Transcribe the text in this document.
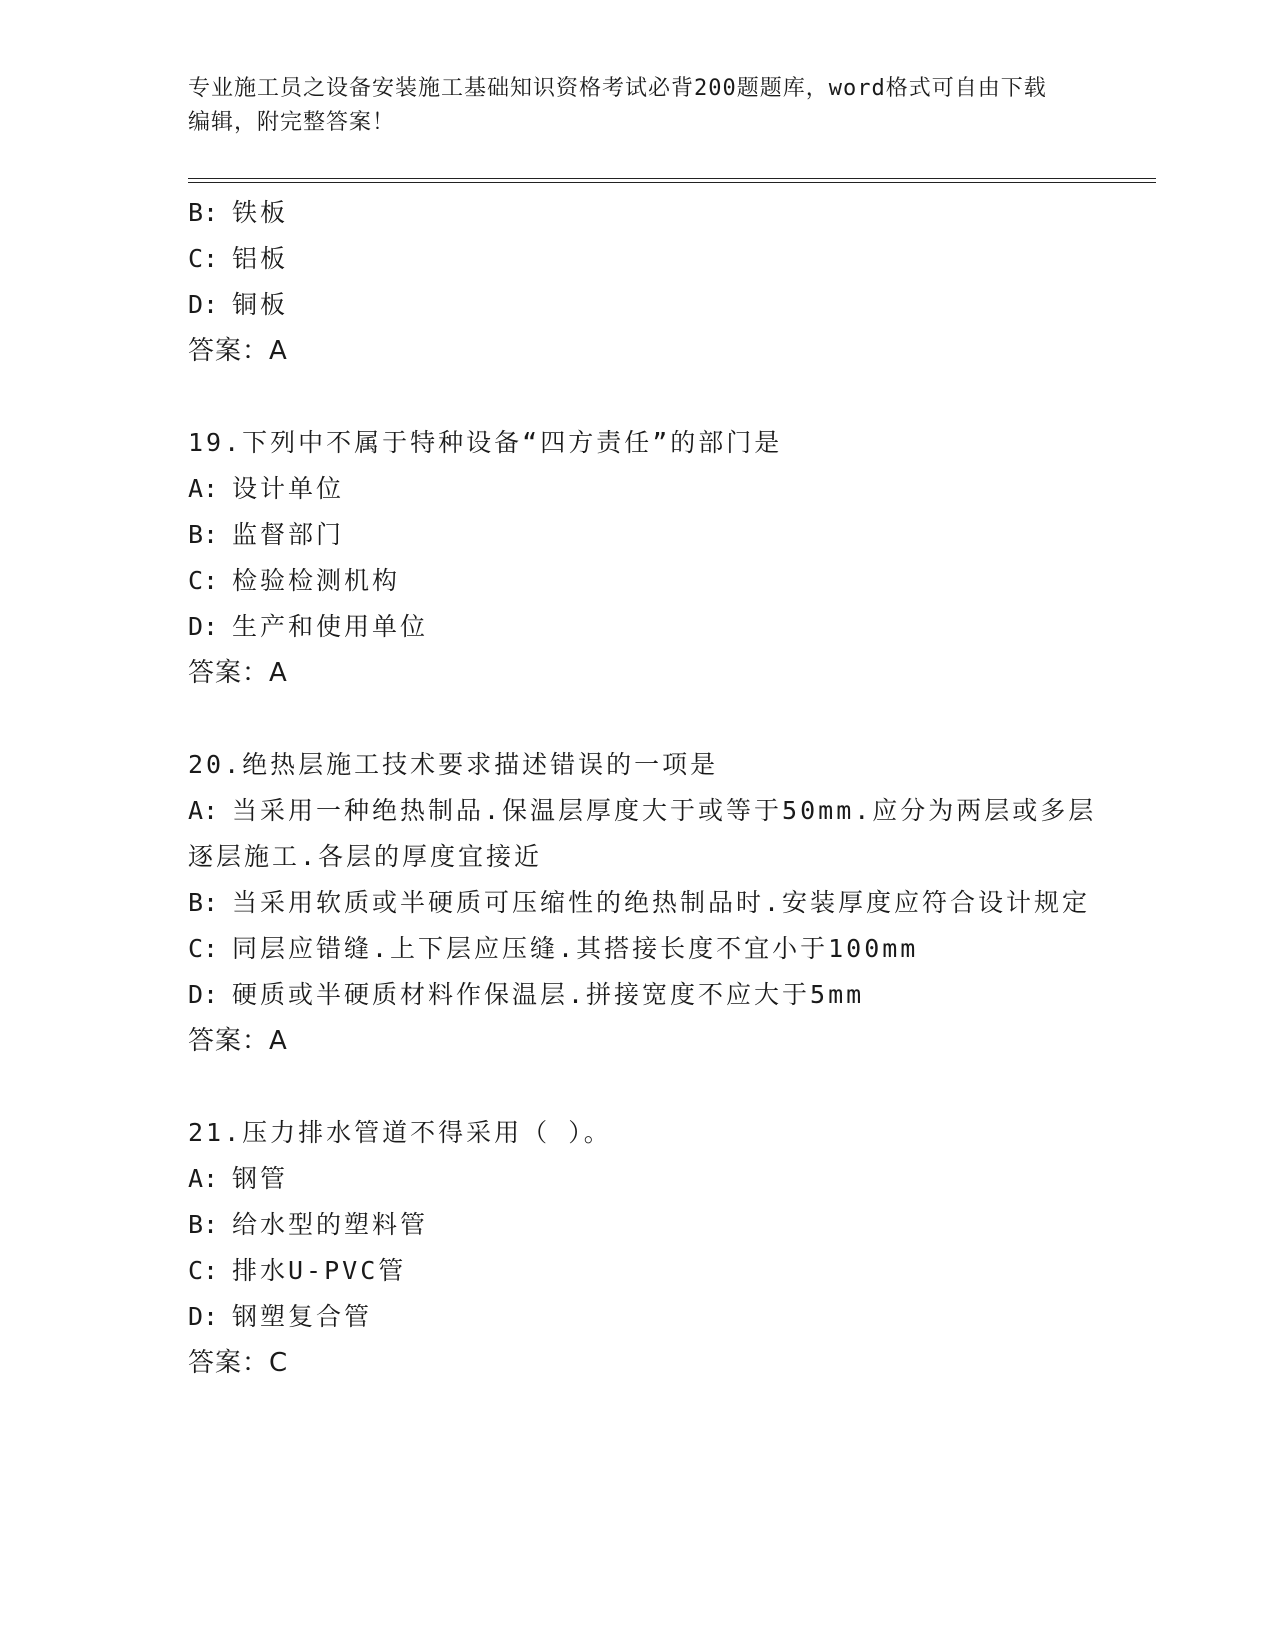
专业施工员之设备安装施工基础知识资格考试必背200题题库，word格式可自由下载编辑，附完整答案！
B: 铁板
C: 铝板
D: 铜板
答案：A
19.下列中不属于特种设备“四方责任”的部门是
A: 设计单位
B: 监督部门
C: 检验检测机构
D: 生产和使用单位
答案：A
20.绝热层施工技术要求描述错误的一项是
A: 当采用一种绝热制品.保温层厚度大于或等于50mm.应分为两层或多层逐层施工.各层的厚度宜接近
B: 当采用软质或半硬质可压缩性的绝热制品时.安装厚度应符合设计规定
C: 同层应错缝.上下层应压缝.其搭接长度不宜小于100mm
D: 硬质或半硬质材料作保温层.拼接宽度不应大于5mm
答案：A
21.压力排水管道不得采用（ ）。
A: 钢管
B: 给水型的塑料管
C: 排水U-PVC管
D: 钢塑复合管
答案：C
